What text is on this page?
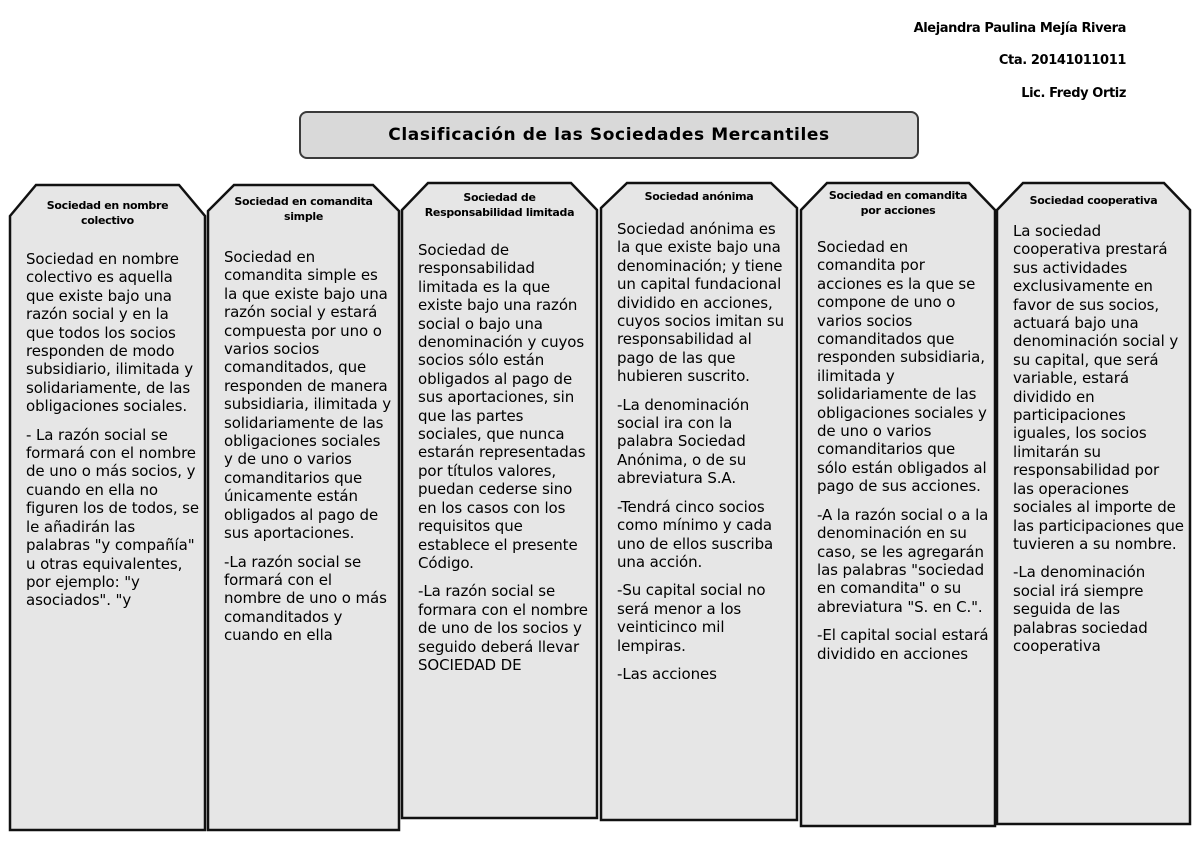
Alejandra Paulina Mejía Rivera
Cta. 20141011011
Lic. Fredy Ortiz
Clasificación de las Sociedades Mercantiles
Sociedad en nombre colectivo

Sociedad en nombre colectivo es aquella que existe bajo una razón social y en la que todos los socios responden de modo subsidiario, ilimitada y solidariamente, de las obligaciones sociales.

- La razón social se formará con el nombre de uno o más socios, y cuando en ella no figuren los de todos, se le añadirán las palabras "y compañía" u otras equivalentes, por ejemplo: "y asociados". "y

Sociedad en comandita simple

Sociedad en comandita simple es la que existe bajo una razón social y estará compuesta por uno o varios socios comanditados, que responden de manera subsidiaria, ilimitada y solidariamente de las obligaciones sociales y de uno o varios comanditarios que únicamente están obligados al pago de sus aportaciones.

-La razón social se formará con el nombre de uno o más comanditados y cuando en ella

Sociedad de Responsabilidad limitada

Sociedad de responsabilidad limitada es la que existe bajo una razón social o bajo una denominación y cuyos socios sólo están obligados al pago de sus aportaciones, sin que las partes sociales, que nunca estarán representadas por títulos valores, puedan cederse sino en los casos con los requisitos que establece el presente Código.

-La razón social se formara con el nombre de uno de los socios y seguido deberá llevar SOCIEDAD DE

Sociedad anónima

Sociedad anónima es la que existe bajo una denominación; y tiene un capital fundacional dividido en acciones, cuyos socios imitan su responsabilidad al pago de las que hubieren suscrito.

-La denominación social ira con la palabra Sociedad Anónima, o de su abreviatura S.A.

-Tendrá cinco socios como mínimo y cada uno de ellos suscriba una acción.

-Su capital social no será menor a los veinticinco mil lempiras.

-Las acciones

Sociedad en comandita por acciones

Sociedad en comandita por acciones es la que se compone de uno o varios socios comanditados que responden subsidiaria, ilimitada y solidariamente de las obligaciones sociales y de uno o varios comanditarios que sólo están obligados al pago de sus acciones.

-A la razón social o a la denominación en su caso, se les agregarán las palabras "sociedad en comandita" o su abreviatura "S. en C.".

-El capital social estará dividido en acciones

Sociedad cooperativa

La sociedad cooperativa prestará sus actividades exclusivamente en favor de sus socios, actuará bajo una denominación social y su capital, que será variable, estará dividido en participaciones iguales, los socios limitarán su responsabilidad por las operaciones sociales al importe de las participaciones que tuvieren a su nombre.

-La denominación social irá siempre seguida de las palabras sociedad cooperativa
